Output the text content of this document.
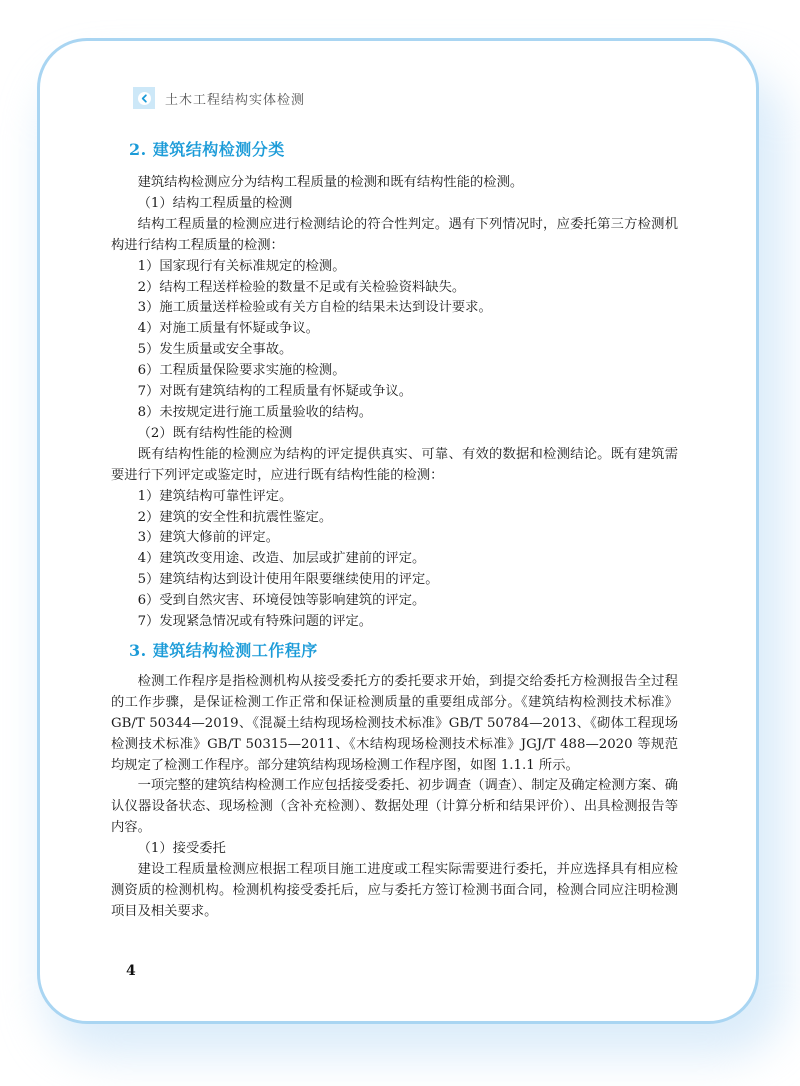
土木工程结构实体检测
2. 建筑结构检测分类

建筑结构检测应分为结构工程质量的检测和既有结构性能的检测。

（1）结构工程质量的检测

结构工程质量的检测应进行检测结论的符合性判定。遇有下列情况时，应委托第三方检测机构进行结构工程质量的检测：

1）国家现行有关标准规定的检测。

2）结构工程送样检验的数量不足或有关检验资料缺失。

3）施工质量送样检验或有关方自检的结果未达到设计要求。

4）对施工质量有怀疑或争议。

5）发生质量或安全事故。

6）工程质量保险要求实施的检测。

7）对既有建筑结构的工程质量有怀疑或争议。

8）未按规定进行施工质量验收的结构。

（2）既有结构性能的检测

既有结构性能的检测应为结构的评定提供真实、可靠、有效的数据和检测结论。既有建筑需要进行下列评定或鉴定时，应进行既有结构性能的检测：

1）建筑结构可靠性评定。

2）建筑的安全性和抗震性鉴定。

3）建筑大修前的评定。

4）建筑改变用途、改造、加层或扩建前的评定。

5）建筑结构达到设计使用年限要继续使用的评定。

6）受到自然灾害、环境侵蚀等影响建筑的评定。

7）发现紧急情况或有特殊问题的评定。

3. 建筑结构检测工作程序

检测工作程序是指检测机构从接受委托方的委托要求开始，到提交给委托方检测报告全过程的工作步骤，是保证检测工作正常和保证检测质量的重要组成部分。《建筑结构检测技术标准》GB/T 50344—2019、《混凝土结构现场检测技术标准》GB/T 50784—2013、《砌体工程现场检测技术标准》GB/T 50315—2011、《木结构现场检测技术标准》JGJ/T 488—2020 等规范均规定了检测工作程序。部分建筑结构现场检测工作程序图，如图 1.1.1 所示。

一项完整的建筑结构检测工作应包括接受委托、初步调查（调查）、制定及确定检测方案、确认仪器设备状态、现场检测（含补充检测）、数据处理（计算分析和结果评价）、出具检测报告等内容。

（1）接受委托

建设工程质量检测应根据工程项目施工进度或工程实际需要进行委托，并应选择具有相应检测资质的检测机构。检测机构接受委托后，应与委托方签订检测书面合同，检测合同应注明检测项目及相关要求。

4
